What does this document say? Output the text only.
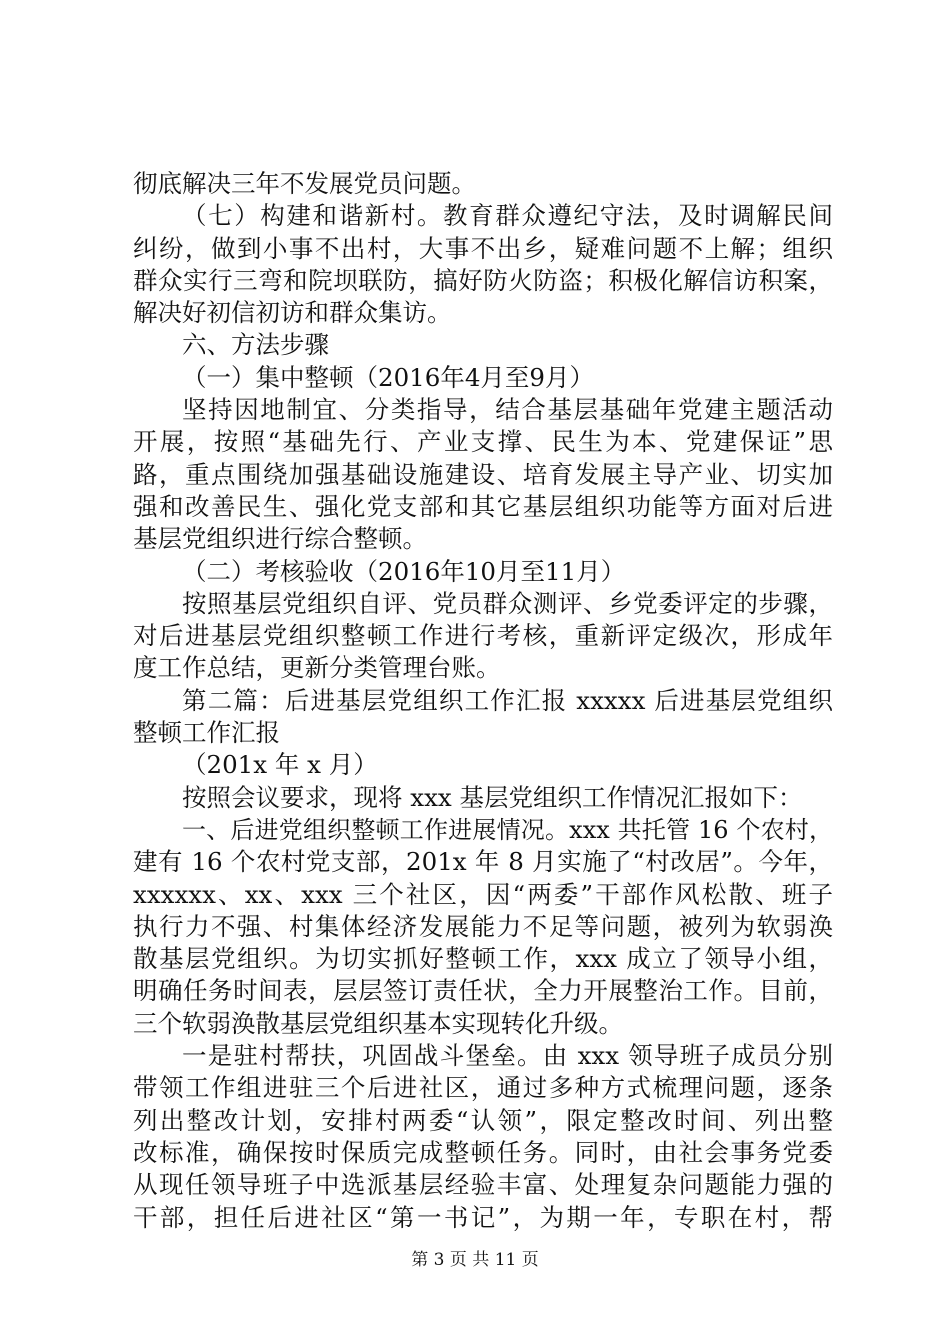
彻底解决三年不发展党员问题。
（七）构建和谐新村。教育群众遵纪守法，及时调解民间
纠纷，做到小事不出村，大事不出乡，疑难问题不上解；组织
群众实行三弯和院坝联防，搞好防火防盗；积极化解信访积案，
解决好初信初访和群众集访。
六、方法步骤
（一）集中整顿（2016年4月至9月）
坚持因地制宜、分类指导，结合基层基础年党建主题活动
开展，按照“基础先行、产业支撑、民生为本、党建保证”思
路，重点围绕加强基础设施建设、培育发展主导产业、切实加
强和改善民生、强化党支部和其它基层组织功能等方面对后进
基层党组织进行综合整顿。
（二）考核验收（2016年10月至11月）
按照基层党组织自评、党员群众测评、乡党委评定的步骤，
对后进基层党组织整顿工作进行考核，重新评定级次，形成年
度工作总结，更新分类管理台账。
第二篇：后进基层党组织工作汇报 xxxxx 后进基层党组织
整顿工作汇报
（201x 年 x 月）
按照会议要求，现将 xxx 基层党组织工作情况汇报如下：
一、后进党组织整顿工作进展情况。xxx 共托管 16 个农村，
建有 16 个农村党支部，201x 年 8 月实施了“村改居”。今年，
xxxxxx、xx、xxx 三个社区，因“两委”干部作风松散、班子
执行力不强、村集体经济发展能力不足等问题，被列为软弱涣
散基层党组织。为切实抓好整顿工作，xxx 成立了领导小组，
明确任务时间表，层层签订责任状，全力开展整治工作。目前，
三个软弱涣散基层党组织基本实现转化升级。
一是驻村帮扶，巩固战斗堡垒。由 xxx 领导班子成员分别
带领工作组进驻三个后进社区，通过多种方式梳理问题，逐条
列出整改计划，安排村两委“认领”，限定整改时间、列出整
改标准，确保按时保质完成整顿任务。同时，由社会事务党委
从现任领导班子中选派基层经验丰富、处理复杂问题能力强的
干部，担任后进社区“第一书记”，为期一年，专职在村，帮
第 3 页 共 11 页
